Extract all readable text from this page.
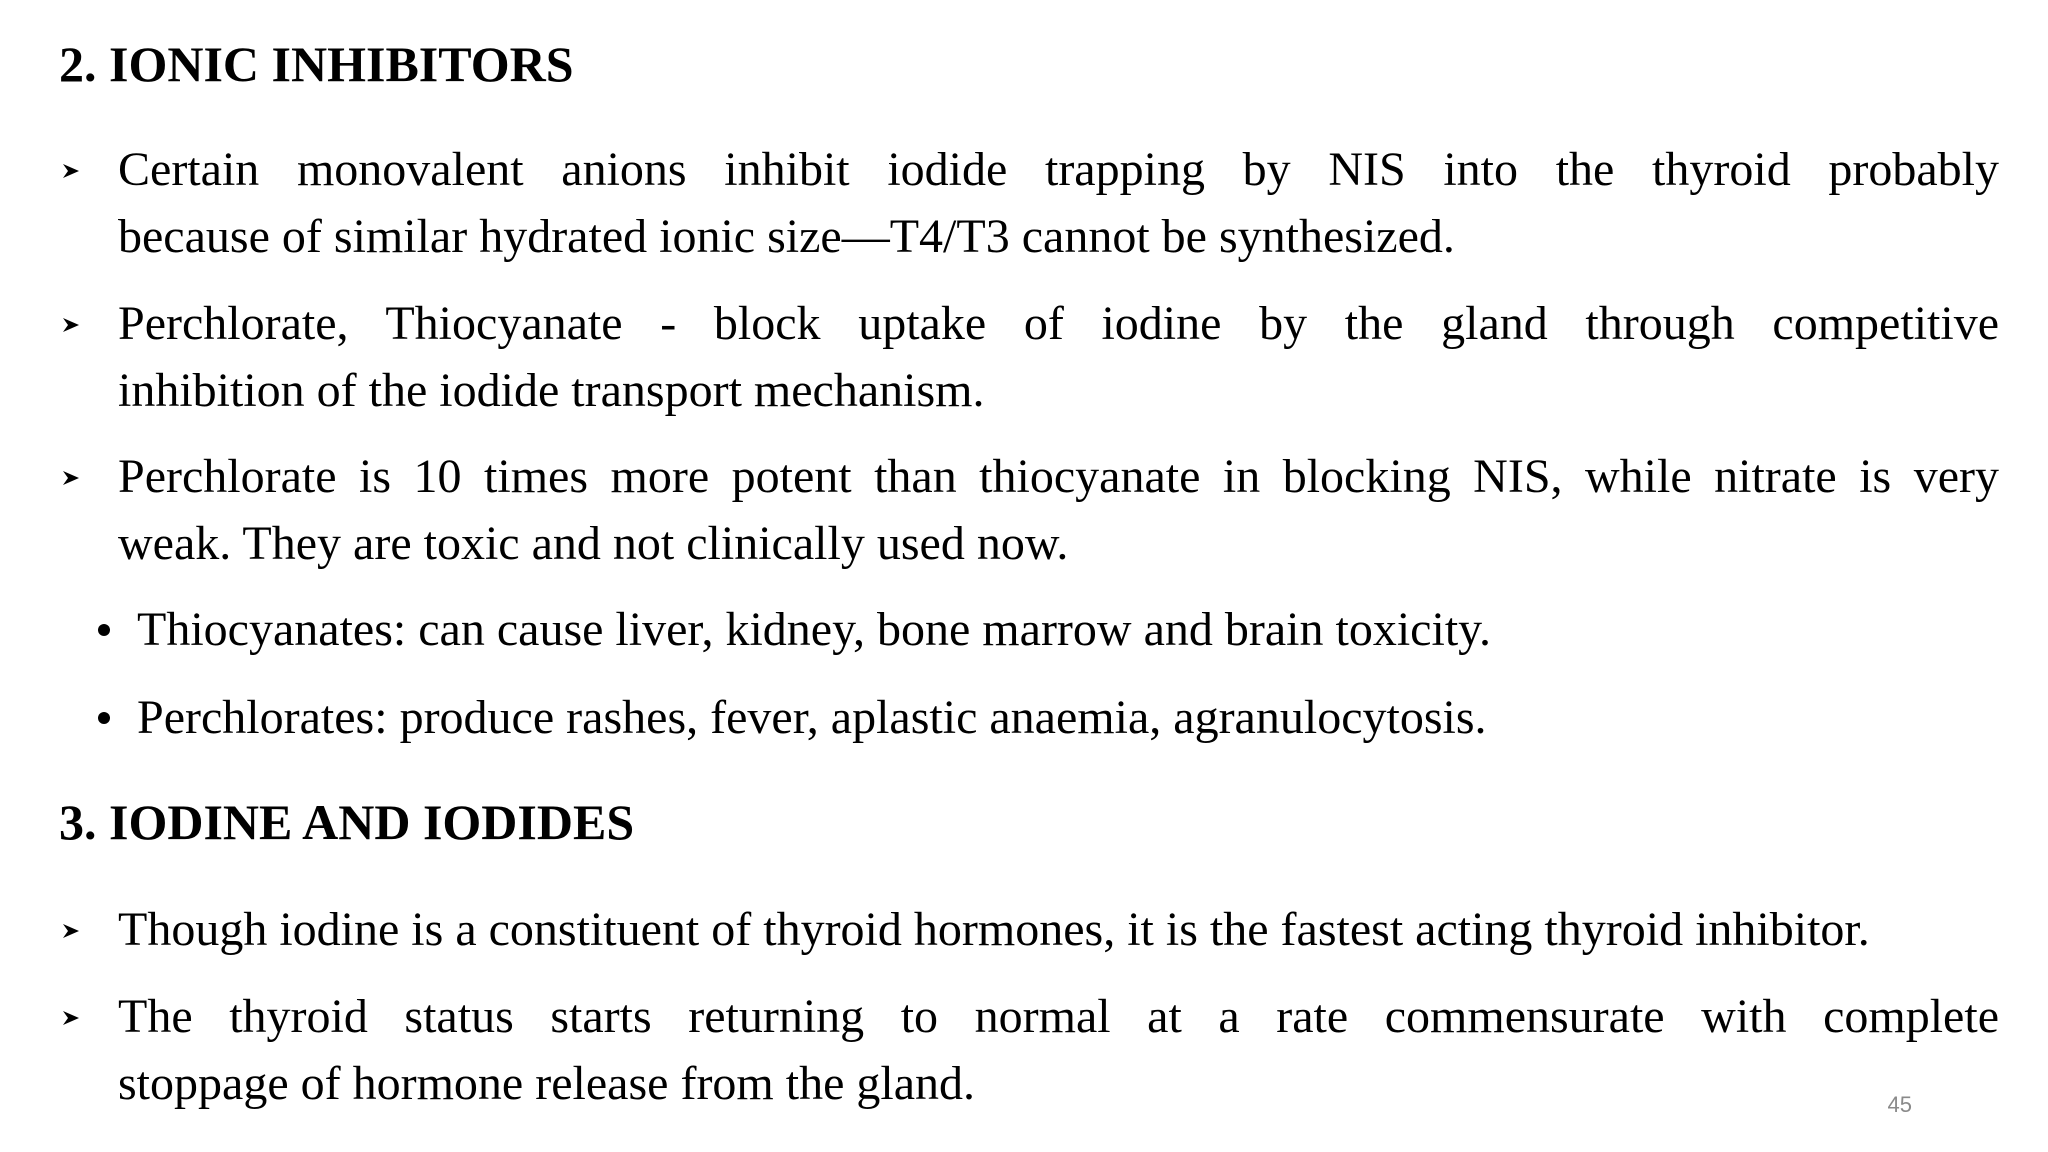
2. IONIC INHIBITORS
Certain monovalent anions inhibit iodide trapping by NIS into the thyroid probably
because of similar hydrated ionic size—T4/T3 cannot be synthesized.
Perchlorate, Thiocyanate - block uptake of iodine by the gland through competitive
inhibition of the iodide transport mechanism.
Perchlorate is 10 times more potent than thiocyanate in blocking NIS, while nitrate is very
weak. They are toxic and not clinically used now.
Thiocyanates: can cause liver, kidney, bone marrow and brain toxicity.
Perchlorates: produce rashes, fever, aplastic anaemia, agranulocytosis.
3. IODINE AND IODIDES
Though iodine is a constituent of thyroid hormones, it is the fastest acting thyroid inhibitor.
The thyroid status starts returning to normal at a rate commensurate with complete
stoppage of hormone release from the gland.	45
